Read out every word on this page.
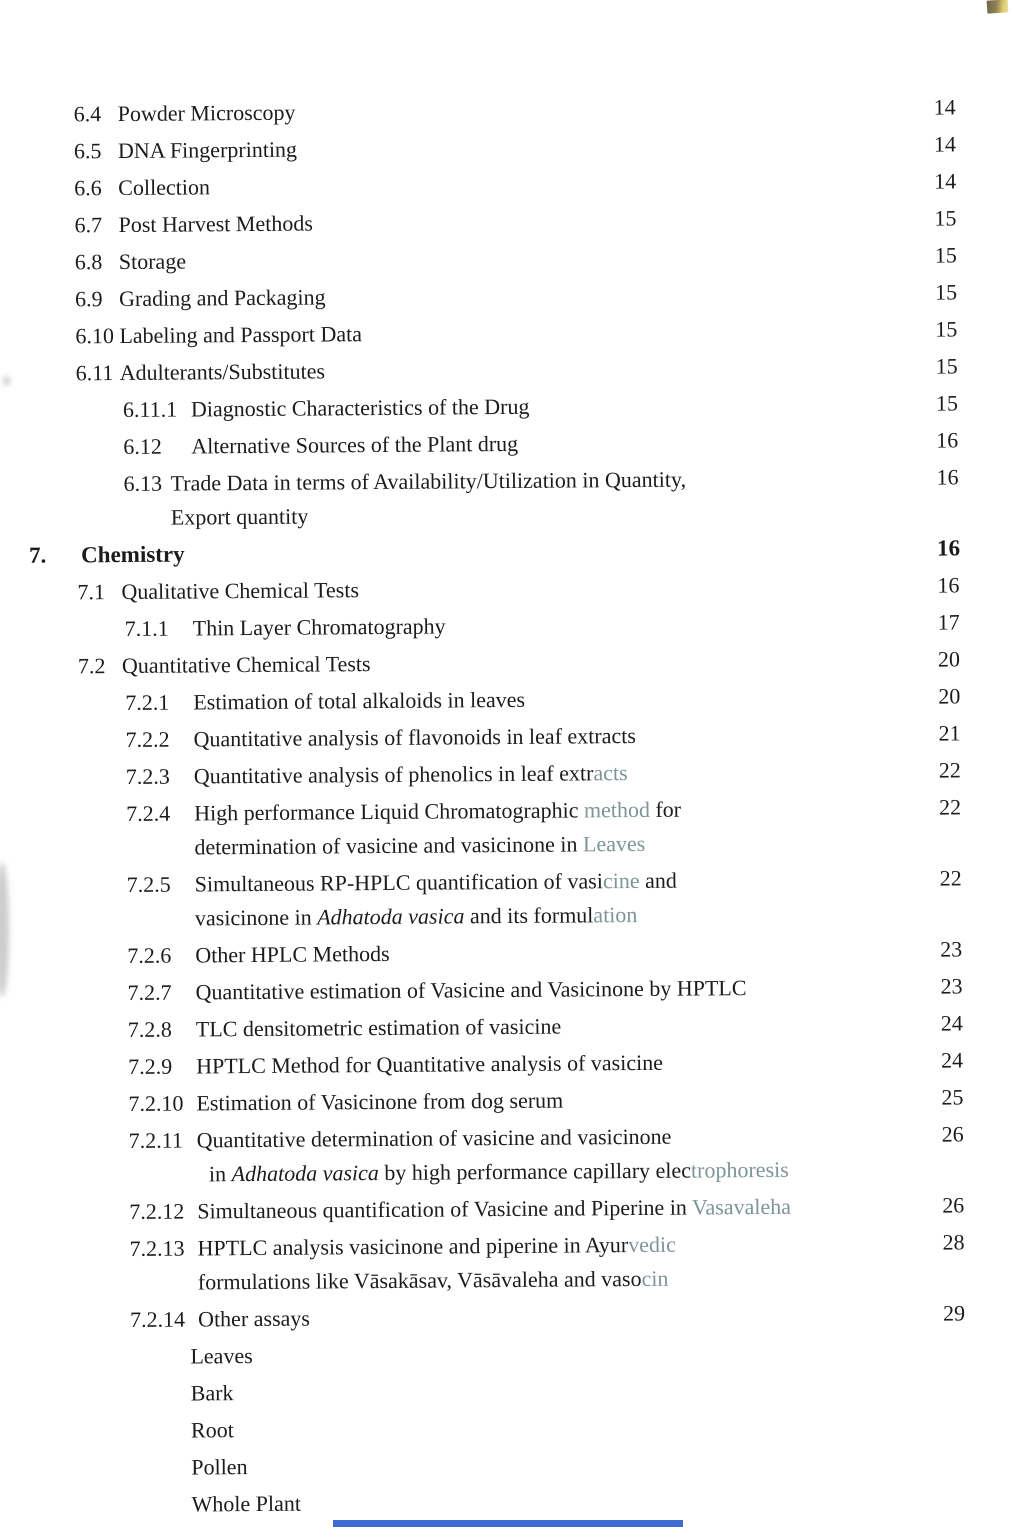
6.4 Powder Microscopy	14
6.5 DNA Fingerprinting	14
6.6 Collection	14
6.7 Post Harvest Methods	15
6.8 Storage	15
6.9 Grading and Packaging	15
6.10 Labeling and Passport Data	15
6.11 Adulterants/Substitutes	15
6.11.1 Diagnostic Characteristics of the Drug	15
6.12	Alternative Sources of the Plant drug	16
6.13 Trade Data in terms of Availability/Utilization in Quantity,
Export quantity
16
7.	Chemistry	16
7.1 Qualitative Chemical Tests	16
7.1.1	Thin Layer Chromatography	17
7.2 Quantitative Chemical Tests	20
7.2.1	Estimation of total alkaloids in leaves	20
7.2.2	Quantitative analysis of flavonoids in leaf extracts	21
7.2.3	Quantitative analysis of phenolics in leaf extracts	22
7.2.4	High performance Liquid Chromatographic method for
determination of vasicine and vasicinone in Leaves
22
7.2.5	Simultaneous RP-HPLC quantification of vasicine and
vasicinone in Adhatoda vasica and its formulation
22
7.2.6	Other HPLC Methods	23
7.2.7	Quantitative estimation of Vasicine and Vasicinone by HPTLC	23
7.2.8	TLC densitometric estimation of vasicine	24
7.2.9	HPTLC Method for Quantitative analysis of vasicine	24
7.2.10 Estimation of Vasicinone from dog serum	25
7.2.11 Quantitative determination of vasicine and vasicinone
in Adhatoda vasica by high performance capillary electrophoresis
26
7.2.12 Simultaneous quantification of Vasicine and Piperine in Vasavaleha	26
7.2.13 HPTLC analysis vasicinone and piperine in Ayurvedic
formulations like Vāsakāsav, Vāsāvaleha and vasocin
28
7.2.14 Other assays	29
Leaves
Bark
Root
Pollen
Whole Plant
